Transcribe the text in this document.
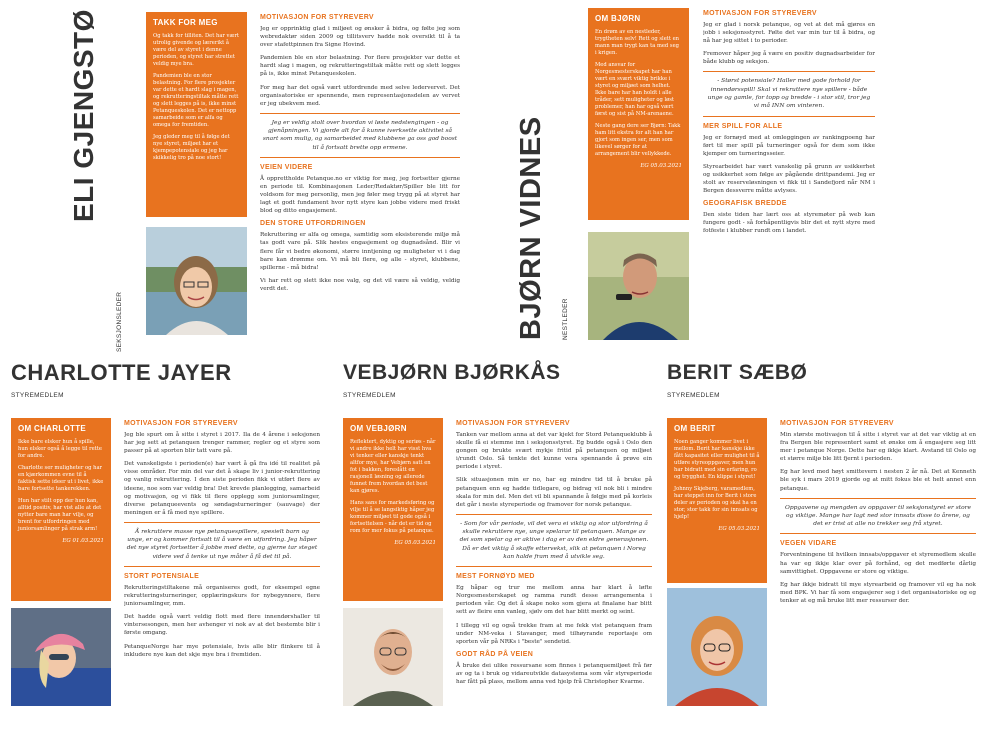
ELI GJENGSTØ
SEKSJONSLEDER
TAKK FOR MEG

Og takk for tilliten. Det har vært utrolig givende og lærerikt å være del av styret i denne perioden, og styret har strettet veldig mye bra.

Pandemien ble en stor belastning. For flere prosjekter var dette et hardt slag i magen, og rekrutteringstiltak måtte rett og slett legges på is, ikke minst Petanqueskolen. Det er nettopp samarbeide som er alfa og omega for fremtiden.

Jeg gleder meg til å følge det nye styret, miljøet har et kjempepotensiale og jeg har skikkelig tro på noe stort!

MOTIVASJON FOR STYREVERV

Jeg er opprinktig glad i miljøet og ønsker å bidra, og følte jeg som webredaktør siden 2009 og tillitsverv hadde nok oversikt til å ta over stafettpinnen fra Signe Hovind.

Pandemien ble en stor belastning. For flere prosjekter var dette et hardt slag i magen, og rekrutteringstiltak måtte rett og slett legges på is, ikke minst Petanqueskolen.

For meg har det også vært utfordrende med selve ledervervet. Det organisatoriske er spennende, men representasjonsdelen av vervet er jeg ubekvem med.

Jeg er veldig stolt over hvordan vi løste nedstengingen - og gjenåpningen. Vi gjorde alt for å kunne iverksette aktivitet så snart som mulig, og samarbeidet med klubbene ga oss god boost til å fortsatt brette opp ermene.
VEIEN VIDERE

Å opprettholde Petanque.no er viktig for meg, jeg fortsetter gjerne en periode til. Kombinasjonen Leder/Redaktør/Spiller ble litt for voldsom for meg personlig, men jeg føler meg trygg på at styret har lagt et godt fundament hvor nytt styre kan jobbe videre med friskt blod og ditto engasjement.

DEN STORE UTFORDRINGEN

Rekruttering er alfa og omega, samtidig som eksisterende miljø må tas godt vare på. Slik høstes engasjement og dugnadsånd. Blir vi flere får vi bedre økonomi, større inntjening og muligheter vi i dag bare kan drømme om. Vi må bli flere, og alle - styret, klubbene, spillerne - må bidra!

Vi har rett og slett ikke noe valg, og det vil være så veldig, veldig verdt det.	BJØRN VIDNES NESTLEDER
OM BJØRN

En drøm av en nestleder, trygtheten selv! Rett og slett en mann man trygt kan ta med seg i krigen.

Med ansvar for Norgesmesterskapet har han vært en svært viktig brikke i styret og miljøet som helhet. Ikke bare har han holdt i alle tråder, sett muligheter og løst problemer, han har også vært først og sist på NM-arenaene.

Neste gang dere ser Bjørn: Takk ham litt ekstra for alt han har gjort som ingen ser, men som likevel sørger for at arrangement blir vellykkede.

EG 05.03.2021
MOTIVASJON FOR STYREVERV

Jeg er glad i norsk petanque, og vet at det må gjøres en jobb i seksjonsstyret. Følte det var min tur til å bidra, og nå har jeg sittet i to perioder.

Fremover håper jeg å være en positiv dugnadsarbeider for både klubb og seksjon.

- Størst potensiale? Haller med gode forhold for innendørsspill! Skal vi rekruttere nye spillere - både unge og gamle, for topp og bredde - i stor stil, tror jeg vi må INN om vinteren.
MER SPILL FOR ALLE

Jeg er fornøyd med at omleggingen av rankingpoeng har ført til mer spill på turneringer også for dem som ikke kjemper om turneringsseier.

Styrearbeidet har vært vanskelig på grunn av usikkerhet og usikkerhet som følge av pågående drittpandemi. Jeg er stolt av reserveløsningen vi fikk til i Sandefjord når NM i Bergen dessverre måtte avlyses.

GEOGRAFISK BREDDE

Den siste tiden har lært oss at styremøter på web kan fungere godt - så forhåpentligvis blir det et nytt styre med fotfeste i klubber rundt om i landet.

CHARLOTTE JAYER
STYREMEDLEM
OM CHARLOTTE

Ikke bare elsker hun å spille, hun elsker også å legge til rette for andre.

Charlotte ser muligheter og har en kjærkommen evne til å faktisk sette ideer ut i livet, ikke bare fortsette tankerekken.

Hun har stilt opp der hun kan, alltid positiv, har vist alle at det nytter bare man har vilje, og brent for utfordringen med juniorsamlinger på strak arm!

EG 01.03.2021
MOTIVASJON FOR STYREVERV

Jeg ble spurt om å sitte i styret i 2017. Ila de 4 årene i seksjonen har jeg sett at petanquen trenger rammer, regler og et styre som passer på at sporten blir tatt vare på.

Det vanskeligste i perioden(e) har vært å gå fra idé til realitet på visse områder. For min del var det å skape liv i junior-rekruttering og vanlig rekruttering. I den siste perioden fikk vi utført flere av ideene, noe som var veldig bra! Det krevde planlegging, samarbeid og motivasjon, og vi fikk til flere opplegg som juniorsamlinger, diverse petanqueevents og søndagsturneringer (sauvage) der meningen er å få med nye spillere.

Å rekruttere masse nye petanquespillere, spesielt barn og unge, er og kommer fortsatt til å være en utfordring. Jeg håper det nye styret fortsetter å jobbe med dette, og gjerne tar steget videre ved å tenke ut nye måter å få det til på.
STORT POTENSIALE

Rekrutteringstiltakene må organiseres godt, for eksempel egne rekrutteringsturneringer, opplæringskurs for nybegynnere, flere juniorsamlinger, mm.

Det hadde også vært veldig flott med flere innendørshaller til vintersesongen, men her avhenger vi nok av at det bestemte blir i første omgang.

PetanqueNorge har mye potensiale, hvis alle blir flinkere til å inkludere nye kan det skje mye bra i fremtiden.

VEBJØRN BJØRKÅS
STYREMEDLEM
OM VEBJØRN

Reflektert, dyktig og seriøs - når vi andre ikke helt har visst hva vi tenker eller kanskje tenkt altfor mye, har Vebjørn satt en fot i bakken, foreslått en rasjonell løsning og allerede funnet frem hvordan det best kan gjøres.

Hans sans for markedsføring og vilje til å se langsiktig håper jeg kommer miljøet til gode også i fortsettelsen - når det er tid og rom for mer fokus på petanque.

EG 05.03.2021
MOTIVASJON FOR STYREVERV

Tanken var mellom anna at det var kjekt for Stord Petanqueklubb å skulle få ei stemme inn i seksjonsstyret. Eg budde også i Oslo den gongen og brukte svært mykje fritid på petanquen og miljøet i/rundt Oslo. Så tenkte det kunne vera spennande å prøve ein periode i styret.

Slik situasjonen min er no, har eg mindre tid til å bruke på petanquen enn eg hadde tidlegare, og bidrag vil nok bli i mindre skala for min del. Men det vil bli spannande å følgje med på korleis det går i neste styreperiode og framover for norsk petanque.

- Som for vår periode, vil det vera ei viktig og stor utfordring å skulle rekruttere nye, unge spelarar til petanquen. Mange av dei som spelar og er aktive i dag er av den eldre generasjonen. Då er det viktig å skaffe ettervekst, slik at petanquen i Noreg kan halde fram med å utvikle seg.
MEST FORNØYD MED

Eg håpar og trur me mellom anna har klart å løfte Norgesmesterskapet og ramma rundt desse arrangementa i perioden vår. Og det å skape noko som gjera at finalane har blitt sett av fleire enn vanleg, sjølv om det har blitt merkt og seint.

I tillegg vil eg også trekke fram at me fekk vist petanquen fram under NM-veka i Stavanger, med tilhøyrande reportasje om sporten vår på NRKs i "beste" sendetid.

GODT RÅD PÅ VEIEN

Å bruke dei ulike ressursane som finnes i petanquemiljøet frå før av og ta i bruk og vidareutvikle datasystema som vår styreperiode har fått på plass, mellom anna ved hjelp frå Christopher Kvarme.

BERIT SÆBØ
STYREMEDLEM
OM BERIT

Noen ganger kommer livet i mellom. Berit har kanskje ikke fått kapasitet eller mulighet til å utføre styreoppgaver, men hun har bidratt med sin erfaring, ro og trygghet. En klippe i styret!

Johnny Skjeberg, varamedlem, har steppet inn for Berit i store deler av perioden og skal ha en stor, stor takk for sin innsats og hjelp!

EG 05.03.2021
MOTIVASJON FOR STYREVERV

Min største motivasjon til å sitte i styret var at det var viktig at en fra Bergen ble representert samt et ønske om å engasjere seg litt mer i petanque Norge. Dette har eg ikkje klart. Avstand til Oslo og et større miljø ble litt fjernt i perioden.

Eg har levd med høyt smittevern i nesten 2 år nå. Det at Kenneth ble syk i mars 2019 gjorde og at mitt fokus ble et helt annet enn petanque.

Oppgavene og mengden av oppgaver til seksjonstyret er store og viktige. Mange har lagt ned stor innsats disse to årene, og det er trist at alle no trekker seg frå styret.
VEGEN VIDARE

Forventningene til hvilken innsats/oppgaver et styremedlem skulle ha var eg ikkje klar over på forhånd, og det medførte dårlig samvittighet. Oppgavene er store og viktige.

Eg har ikkje bidratt til mye styrearbeid og framover vil eg ha nok med BPK. Vi har få som engasjerer seg i det organisatoriske og eg tenker at eg må bruke litt mer ressurser der.
